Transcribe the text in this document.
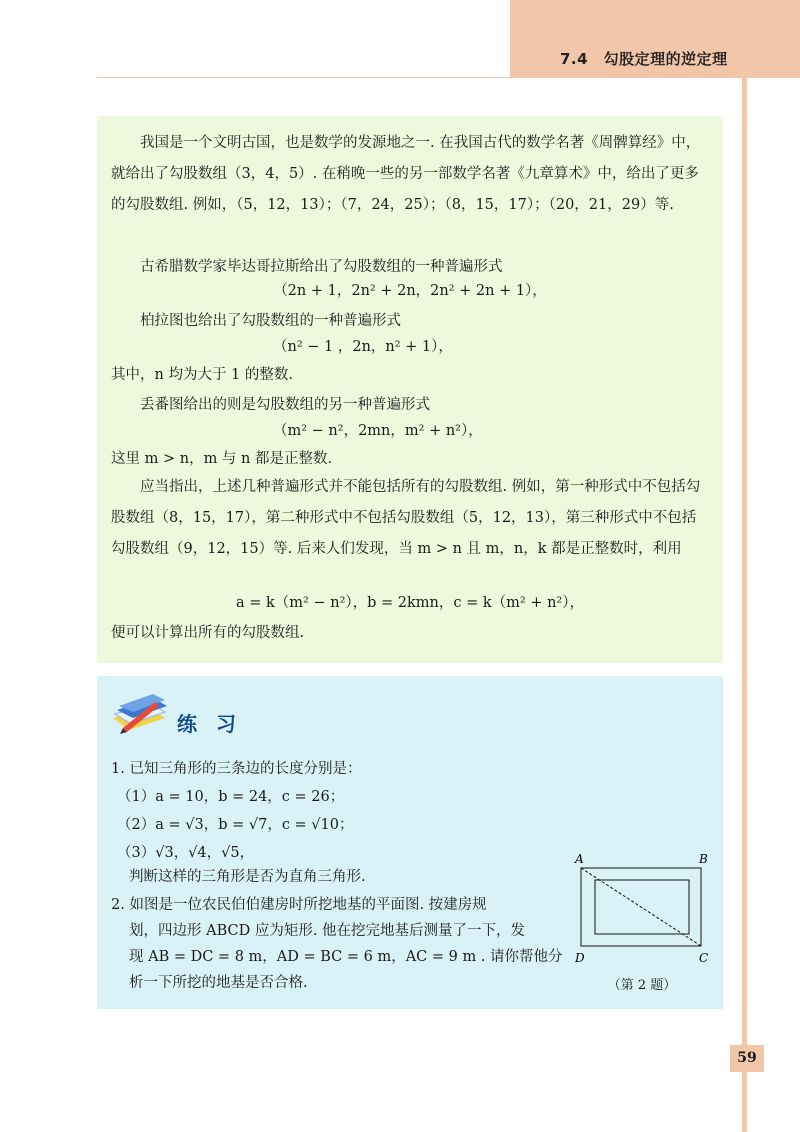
7.4　勾股定理的逆定理

我国是一个文明古国，也是数学的发源地之一. 在我国古代的数学名著《周髀算经》中，就给出了勾股数组（3，4，5）. 在稍晚一些的另一部数学名著《九章算术》中，给出了更多的勾股数组. 例如，（5，12，13）；（7，24，25）；（8，15，17）；（20，21，29）等.

古希腊数学家毕达哥拉斯给出了勾股数组的一种普遍形式

（2n + 1，2n² + 2n，2n² + 2n + 1），

柏拉图也给出了勾股数组的一种普遍形式

（n² − 1 ，2n，n² + 1），

其中，n 均为大于 1 的整数.

丢番图给出的则是勾股数组的另一种普遍形式

（m² − n²，2mn，m² + n²），

这里 m > n，m 与 n 都是正整数.

应当指出，上述几种普遍形式并不能包括所有的勾股数组. 例如，第一种形式中不包括勾股数组（8，15，17），第二种形式中不包括勾股数组（5，12，13），第三种形式中不包括勾股数组（9，12，15）等. 后来人们发现，当 m > n 且 m，n，k 都是正整数时，利用

a = k（m² − n²），b = 2kmn，c = k（m² + n²），

便可以计算出所有的勾股数组.

练 习

1. 已知三角形的三条边的长度分别是：

（1）a = 10，b = 24，c = 26；

（2）a = √3，b = √7，c = √10；

（3）√3，√4，√5，

判断这样的三角形是否为直角三角形.

2. 如图是一位农民伯伯建房时所挖地基的平面图. 按建房规

划，四边形 ABCD 应为矩形. 他在挖完地基后测量了一下，发

现 AB = DC = 8 m，AD = BC = 6 m，AC = 9 m . 请你帮他分

析一下所挖的地基是否合格.

A	B
D	C
（第 2 题）
59
